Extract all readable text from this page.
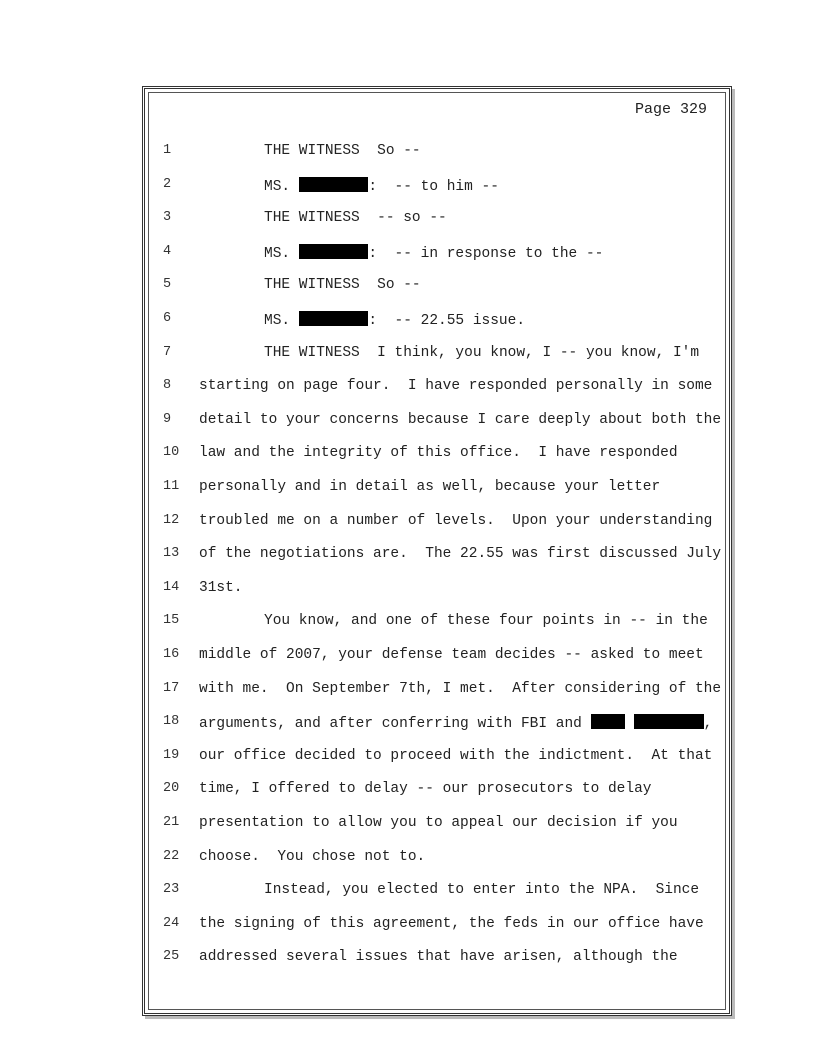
Page 329
1	THE WITNESS  So --
2	MS.	:  -- to him --
3	THE WITNESS  -- so --
4	MS.	:  -- in response to the --
5	THE WITNESS  So --
6	MS.	:  -- 22.55 issue.
7	THE WITNESS  I think, you know, I -- you know, I'm
8	starting on page four.  I have responded personally in some
9	detail to your concerns because I care deeply about both the
10 law and the integrity of this office.  I have responded
11 personally and in detail as well, because your letter
12 troubled me on a number of levels.  Upon your understanding
13 of the negotiations are.  The 22.55 was first discussed July
14 31st.
15	You know, and one of these four points in -- in the
16 middle of 2007, your defense team decides -- asked to meet
17 with me.  On September 7th, I met.  After considering of the
18 arguments, and after conferring with FBI and	,
19 our office decided to proceed with the indictment.  At that
20 time, I offered to delay -- our prosecutors to delay
21 presentation to allow you to appeal our decision if you
22 choose.  You chose not to.
23	Instead, you elected to enter into the NPA.  Since
24 the signing of this agreement, the feds in our office have
25 addressed several issues that have arisen, although the
